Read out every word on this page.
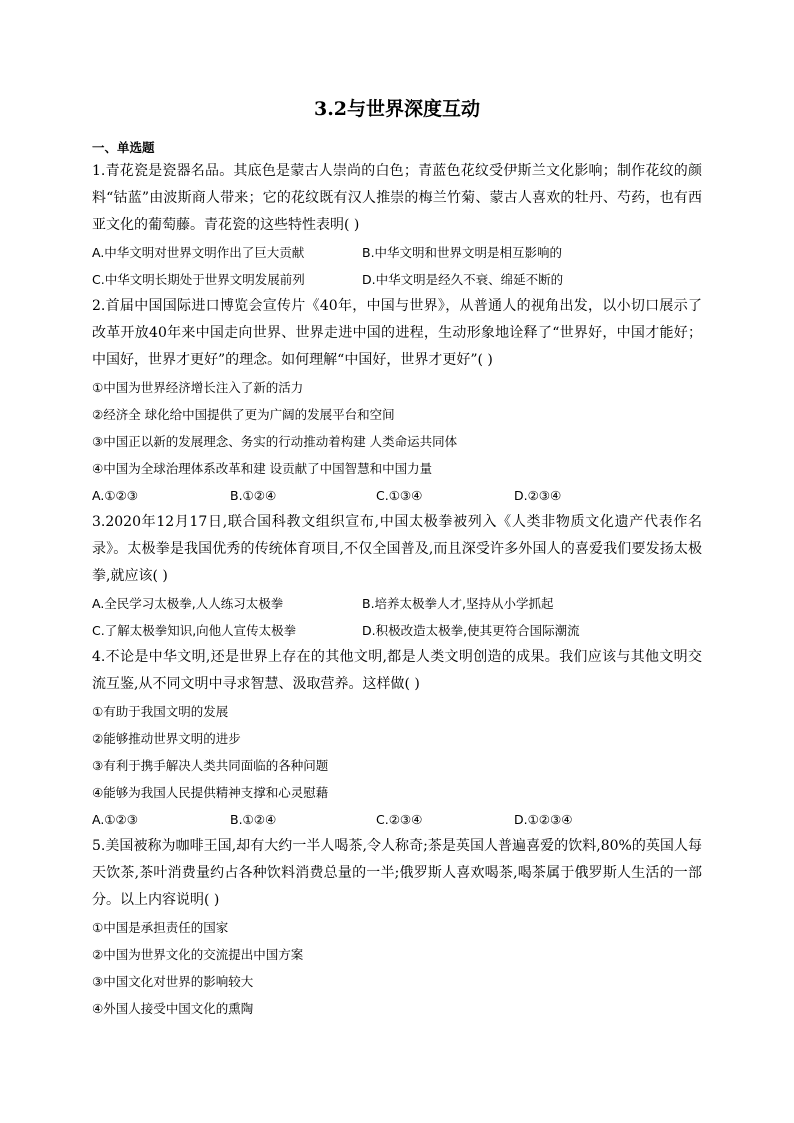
3.2与世界深度互动

一、单选题

1.青花瓷是瓷器名品。其底色是蒙古人崇尚的白色；青蓝色花纹受伊斯兰文化影响；制作花纹的颜料“钴蓝”由波斯商人带来；它的花纹既有汉人推崇的梅兰竹菊、蒙古人喜欢的牡丹、芍药，也有西亚文化的葡萄藤。青花瓷的这些特性表明( )

A.中华文明对世界文明作出了巨大贡献	B.中华文明和世界文明是相互影响的
C.中华文明长期处于世界文明发展前列	D.中华文明是经久不衰、绵延不断的

2.首届中国国际进口博览会宣传片《40年，中国与世界》，从普通人的视角出发，以小切口展示了改革开放40年来中国走向世界、世界走进中国的进程，生动形象地诠释了“世界好，中国才能好；中国好，世界才更好”的理念。如何理解“中国好，世界才更好”( )

①中国为世界经济增长注入了新的活力

②经济全 球化给中国提供了更为广阔的发展平台和空间

③中国正以新的发展理念、务实的行动推动着构建 人类命运共同体

④中国为全球治理体系改革和建 设贡献了中国智慧和中国力量

A.①②③	B.①②④	C.①③④	D.②③④

3.2020年12月17日,联合国科教文组织宣布,中国太极拳被列入《人类非物质文化遗产代表作名录》。太极拳是我国优秀的传统体育项目,不仅全国普及,而且深受许多外国人的喜爱我们要发扬太极拳,就应该( )

A.全民学习太极拳,人人练习太极拳	B.培养太极拳人才,坚持从小学抓起
C.了解太极拳知识,向他人宣传太极拳	D.积极改造太极拳,使其更符合国际潮流

4.不论是中华文明,还是世界上存在的其他文明,都是人类文明创造的成果。我们应该与其他文明交流互鉴,从不同文明中寻求智慧、汲取营养。这样做( )

①有助于我国文明的发展

②能够推动世界文明的进步

③有利于携手解决人类共同面临的各种问题

④能够为我国人民提供精神支撑和心灵慰藉

A.①②③	B.①②④	C.②③④	D.①②③④

5.美国被称为咖啡王国,却有大约一半人喝茶,令人称奇;茶是英国人普遍喜爱的饮料,80%的英国人每天饮茶,茶叶消费量约占各种饮料消费总量的一半;俄罗斯人喜欢喝茶,喝茶属于俄罗斯人生活的一部分。以上内容说明( )

①中国是承担责任的国家

②中国为世界文化的交流提出中国方案

③中国文化对世界的影响较大

④外国人接受中国文化的熏陶
